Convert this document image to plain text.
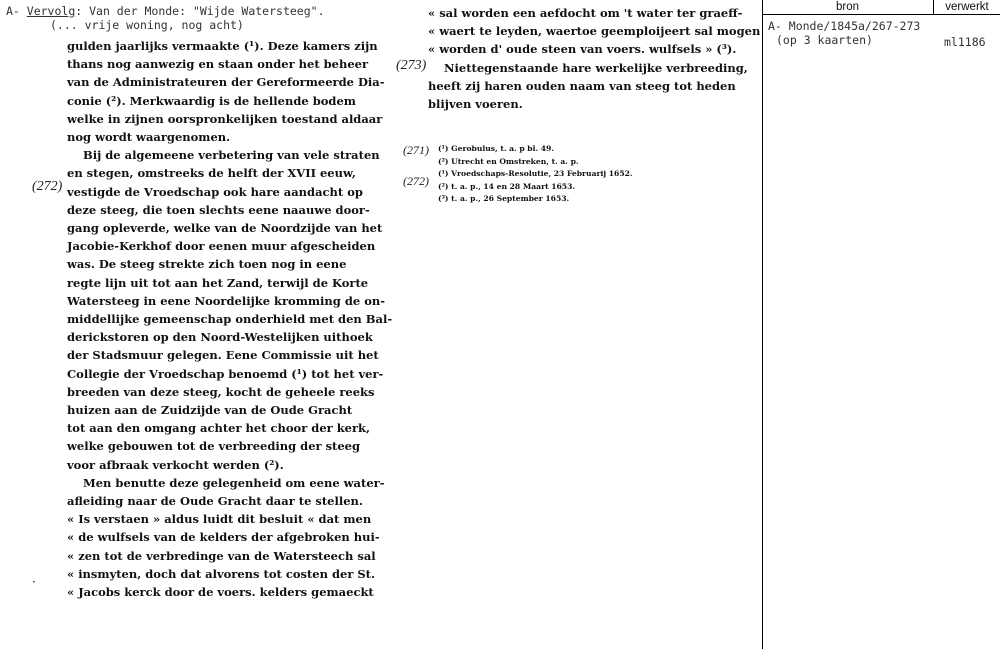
A- Vervolg: Van der Monde: "Wijde Watersteeg".
(... vrije woning, nog acht)
gulden jaarlijks vermaakte (¹). Deze kamers zijn
thans nog aanwezig en staan onder het beheer
van de Administrateuren der Gereformeerde Dia-
conie (²). Merkwaardig is de hellende bodem
welke in zijnen oorspronkelijken toestand aldaar
nog wordt waargenomen.
Bij de algemeene verbetering van vele straten
en stegen, omstreeks de helft der XVII eeuw,
vestigde de Vroedschap ook hare aandacht op
deze steeg, die toen slechts eene naauwe door-
gang opleverde, welke van de Noordzijde van het
Jacobie-Kerkhof door eenen muur afgescheiden
was. De steeg strekte zich toen nog in eene
regte lijn uit tot aan het Zand, terwijl de Korte
Watersteeg in eene Noordelijke kromming de on-
middellijke gemeenschap onderhield met den Bal-
derickstoren op den Noord-Westelijken uithoek
der Stadsmuur gelegen. Eene Commissie uit het
Collegie der Vroedschap benoemd (¹) tot het ver-
breeden van deze steeg, kocht de geheele reeks
huizen aan de Zuidzijde van de Oude Gracht
tot aan den omgang achter het choor der kerk,
welke gebouwen tot de verbreeding der steeg
voor afbraak verkocht werden (²).
Men benutte deze gelegenheid om eene water-
afleiding naar de Oude Gracht daar te stellen.
« Is verstaen » aldus luidt dit besluit « dat men
« de wulfsels van de kelders der afgebroken hui-
« zen tot de verbredinge van de Watersteech sal
« insmyten, doch dat alvorens tot costen der St.
« Jacobs kerck door de voers. kelders gemaeckt
(272)
« sal worden een aefdocht om 't water ter graeff-
« waert te leyden, waertoe geemploijeert sal mogen
« worden d' oude steen van voers. wulfsels » (³).
Niettegenstaande hare werkelijke verbreeding,
heeft zij haren ouden naam van steeg tot heden
blijven voeren.
(273)
(271)
(272)
(¹) Gerobulus, t. a. p bl. 49.
(²) Utrecht en Omstreken, t. a. p.
(¹) Vroedschaps-Resolutie, 23 Februarij 1652.
(²) t. a. p., 14 en 28 Maart 1653.
(³) t. a. p., 26 September 1653.
·
bron	verwerkt
A- Monde/1845a/267-273
(op 3 kaarten)	ml1186
